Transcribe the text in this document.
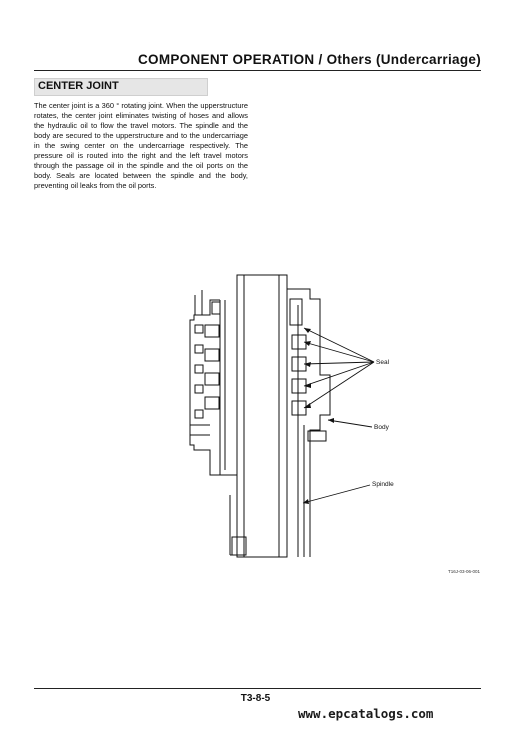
COMPONENT OPERATION / Others (Undercarriage)
CENTER JOINT

The center joint is a 360 ° rotating joint. When the upperstructure rotates, the center joint eliminates twisting of hoses and allows the hydraulic oil to flow the travel motors. The spindle and the body are secured to the upperstructure and to the undercarriage in the swing center on the undercarriage respectively. The pressure oil is routed into the right and the left travel motors through the passage oil in the spindle and the oil ports on the body. Seals are located between the spindle and the body, preventing oil leaks from the oil ports.

Seal
Body
Spindle
T16J-03-06-001
T3-8-5
www.epcatalogs.com
